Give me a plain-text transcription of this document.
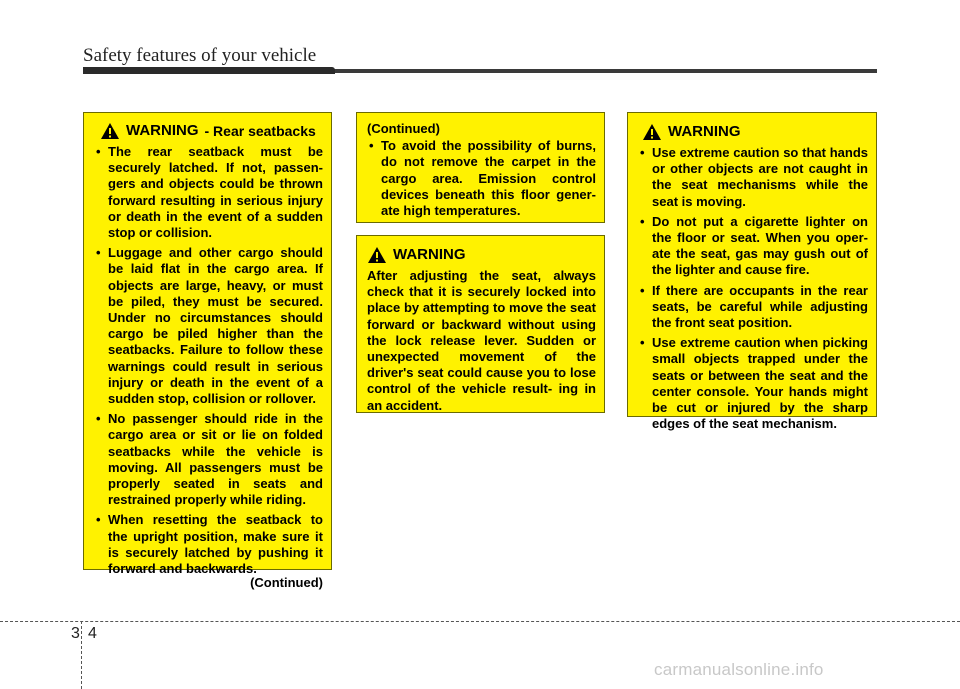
Safety features of your vehicle
WARNING - Rear seatbacks
• The rear seatback must be securely latched. If not, passen- gers and objects could be thrown forward resulting in serious injury or death in the event of a sudden stop or collision.
• Luggage and other cargo should be laid flat in the cargo area. If objects are large, heavy, or must be piled, they must be secured. Under no circumstances should cargo be piled higher than the seatbacks. Failure to follow these warnings could result in serious injury or death in the event of a sudden stop, collision or rollover.
• No passenger should ride in the cargo area or sit or lie on folded seatbacks while the vehicle is moving. All passengers must be properly seated in seats and restrained properly while riding.
• When resetting the seatback to the upright position, make sure it is securely latched by pushing it forward and backwards.
(Continued)
(Continued)
• To avoid the possibility of burns, do not remove the carpet in the cargo area. Emission control devices beneath this floor gener- ate high temperatures.
WARNING
After adjusting the seat, always check that it is securely locked into place by attempting to move the seat forward or backward without using the lock release lever. Sudden or unexpected movement of the driver's seat could cause you to lose control of the vehicle result- ing in an accident.
WARNING
• Use extreme caution so that hands or other objects are not caught in the seat mechanisms while the seat is moving.
• Do not put a cigarette lighter on the floor or seat. When you oper- ate the seat, gas may gush out of the lighter and cause fire.
• If there are occupants in the rear seats, be careful while adjusting the front seat position.
• Use extreme caution when picking small objects trapped under the seats or between the seat and the center console. Your hands might be cut or injured by the sharp edges of the seat mechanism.
3 4
carmanualsonline.info
